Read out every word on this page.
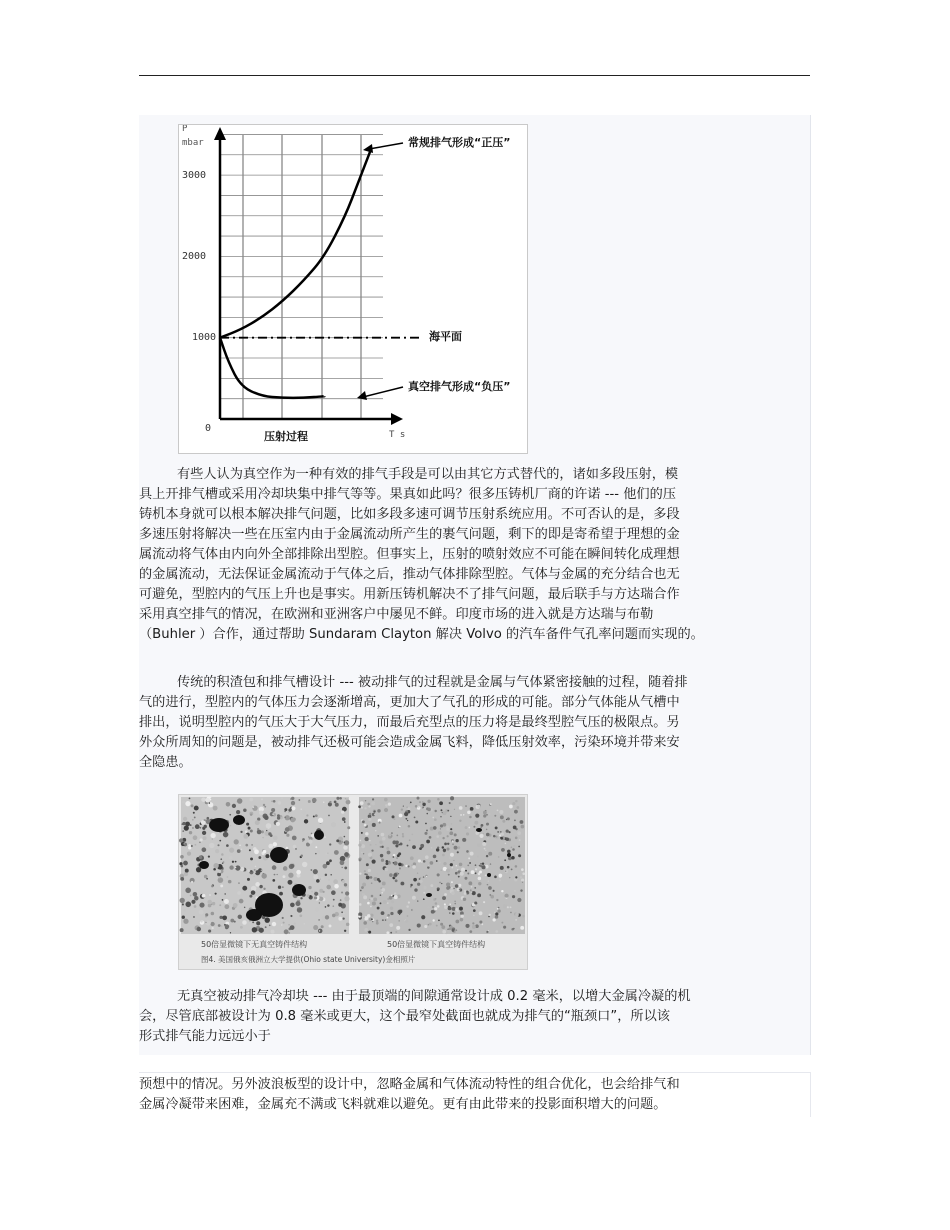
P
mbar
3000
2000
1000
0
常规排气形成“正压”
海平面
真空排气形成“负压”
压射过程	T s
有些人认为真空作为一种有效的排气手段是可以由其它方式替代的，诸如多段压射，模
具上开排气槽或采用冷却块集中排气等等。果真如此吗？很多压铸机厂商的许诺 --- 他们的压
铸机本身就可以根本解决排气问题，比如多段多速可调节压射系统应用。不可否认的是，多段
多速压射将解决一些在压室内由于金属流动所产生的裹气问题，剩下的即是寄希望于理想的金
属流动将气体由内向外全部排除出型腔。但事实上，压射的喷射效应不可能在瞬间转化成理想
的金属流动，无法保证金属流动于气体之后，推动气体排除型腔。气体与金属的充分结合也无
可避免，型腔内的气压上升也是事实。用新压铸机解决不了排气问题，最后联手与方达瑞合作
采用真空排气的情况，在欧洲和亚洲客户中屡见不鲜。印度市场的进入就是方达瑞与布勒
（Buhler ）合作，通过帮助 Sundaram Clayton 解决 Volvo 的汽车备件气孔率问题而实现的。
传统的积渣包和排气槽设计 --- 被动排气的过程就是金属与气体紧密接触的过程，随着排
气的进行，型腔内的气体压力会逐渐增高，更加大了气孔的形成的可能。部分气体能从气槽中
排出，说明型腔内的气压大于大气压力，而最后充型点的压力将是最终型腔气压的极限点。另
外众所周知的问题是，被动排气还极可能会造成金属飞料，降低压射效率，污染环境并带来安
全隐患。
50倍显微镜下无真空铸件结构	50倍显微镜下真空铸件结构
图4. 美国俄亥俄洲立大学提供(Ohio state University)金相照片
无真空被动排气冷却块 --- 由于最顶端的间隙通常设计成 0.2 毫米，以增大金属冷凝的机
会，尽管底部被设计为 0.8 毫米或更大，这个最窄处截面也就成为排气的“瓶颈口”，所以该
形式排气能力远远小于
预想中的情况。另外波浪板型的设计中，忽略金属和气体流动特性的组合优化，也会给排气和
金属冷凝带来困难，金属充不满或飞料就难以避免。更有由此带来的投影面积增大的问题。
